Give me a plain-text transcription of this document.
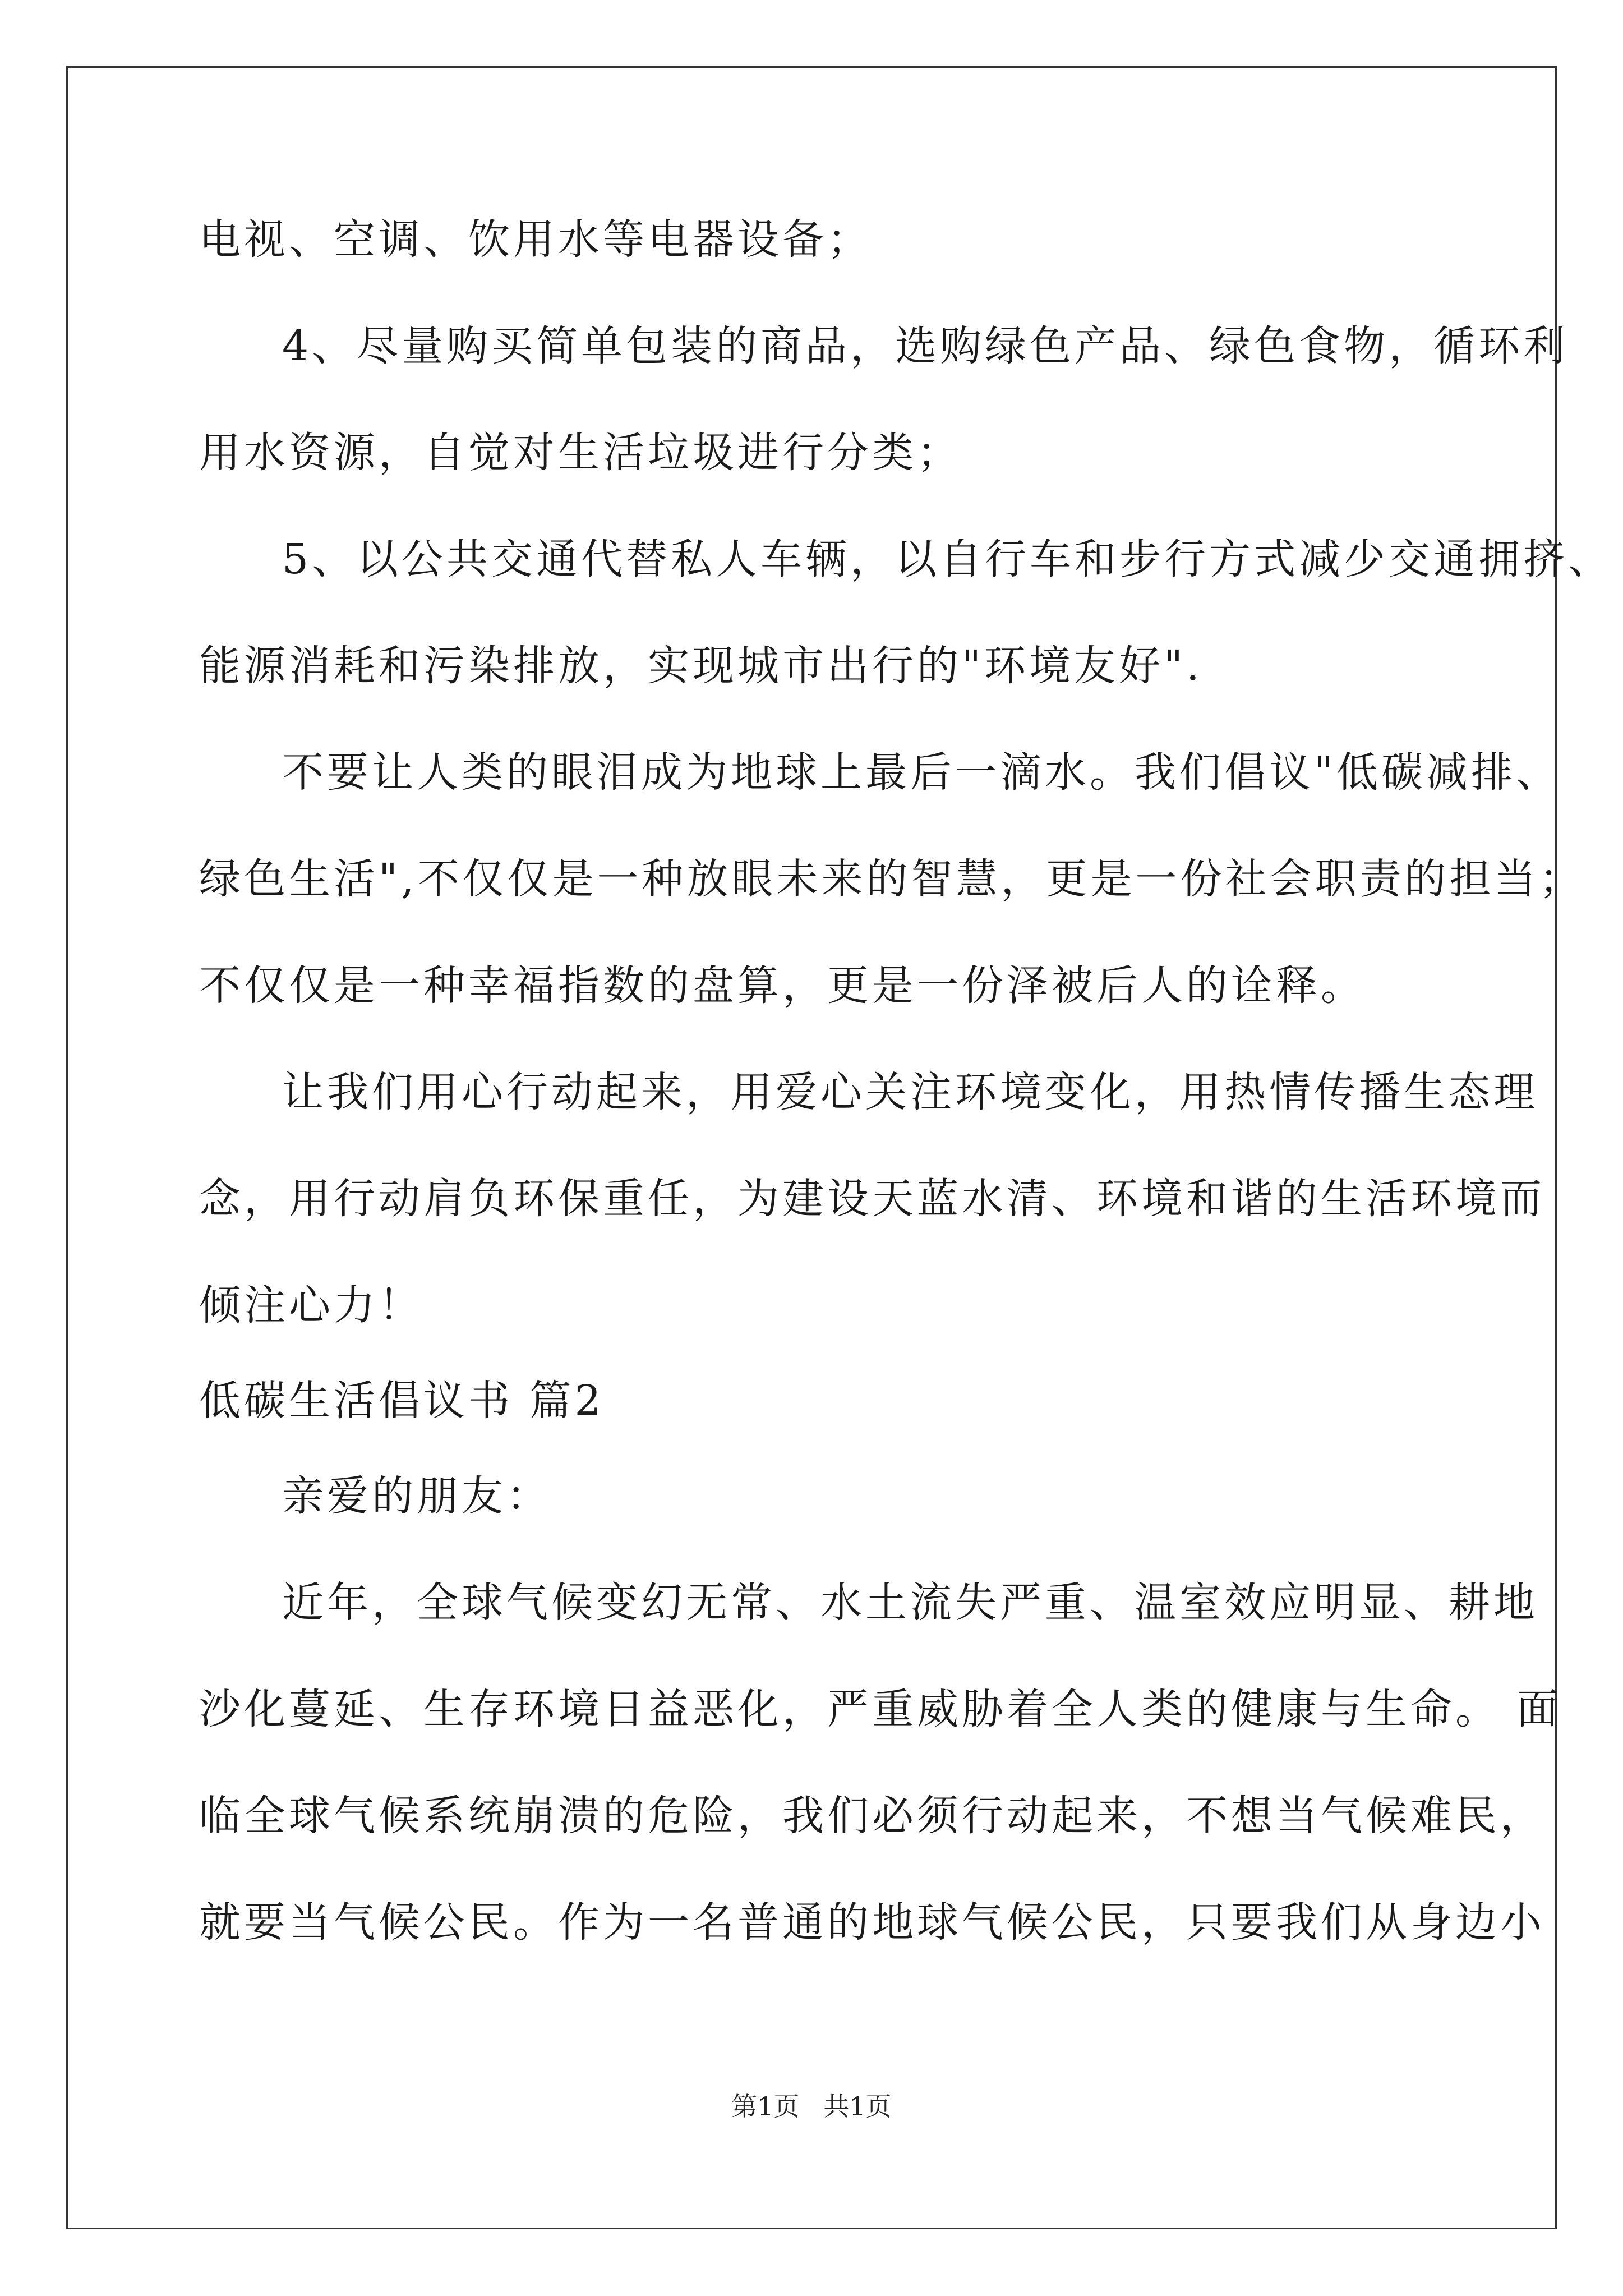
电视、空调、饮用水等电器设备；
4、尽量购买简单包装的商品，选购绿色产品、绿色食物，循环利
用水资源，自觉对生活垃圾进行分类；
5、以公共交通代替私人车辆，以自行车和步行方式减少交通拥挤、
能源消耗和污染排放，实现城市出行的"环境友好".
不要让人类的眼泪成为地球上最后一滴水。我们倡议"低碳减排、
绿色生活",不仅仅是一种放眼未来的智慧，更是一份社会职责的担当；
不仅仅是一种幸福指数的盘算，更是一份泽被后人的诠释。
让我们用心行动起来，用爱心关注环境变化，用热情传播生态理
念，用行动肩负环保重任，为建设天蓝水清、环境和谐的生活环境而
倾注心力！
低碳生活倡议书 篇2
亲爱的朋友：
近年，全球气候变幻无常、水土流失严重、温室效应明显、耕地
沙化蔓延、生存环境日益恶化，严重威胁着全人类的健康与生命。 面
临全球气候系统崩溃的危险，我们必须行动起来，不想当气候难民，
就要当气候公民。作为一名普通的地球气候公民，只要我们从身边小
第1页 共1页
